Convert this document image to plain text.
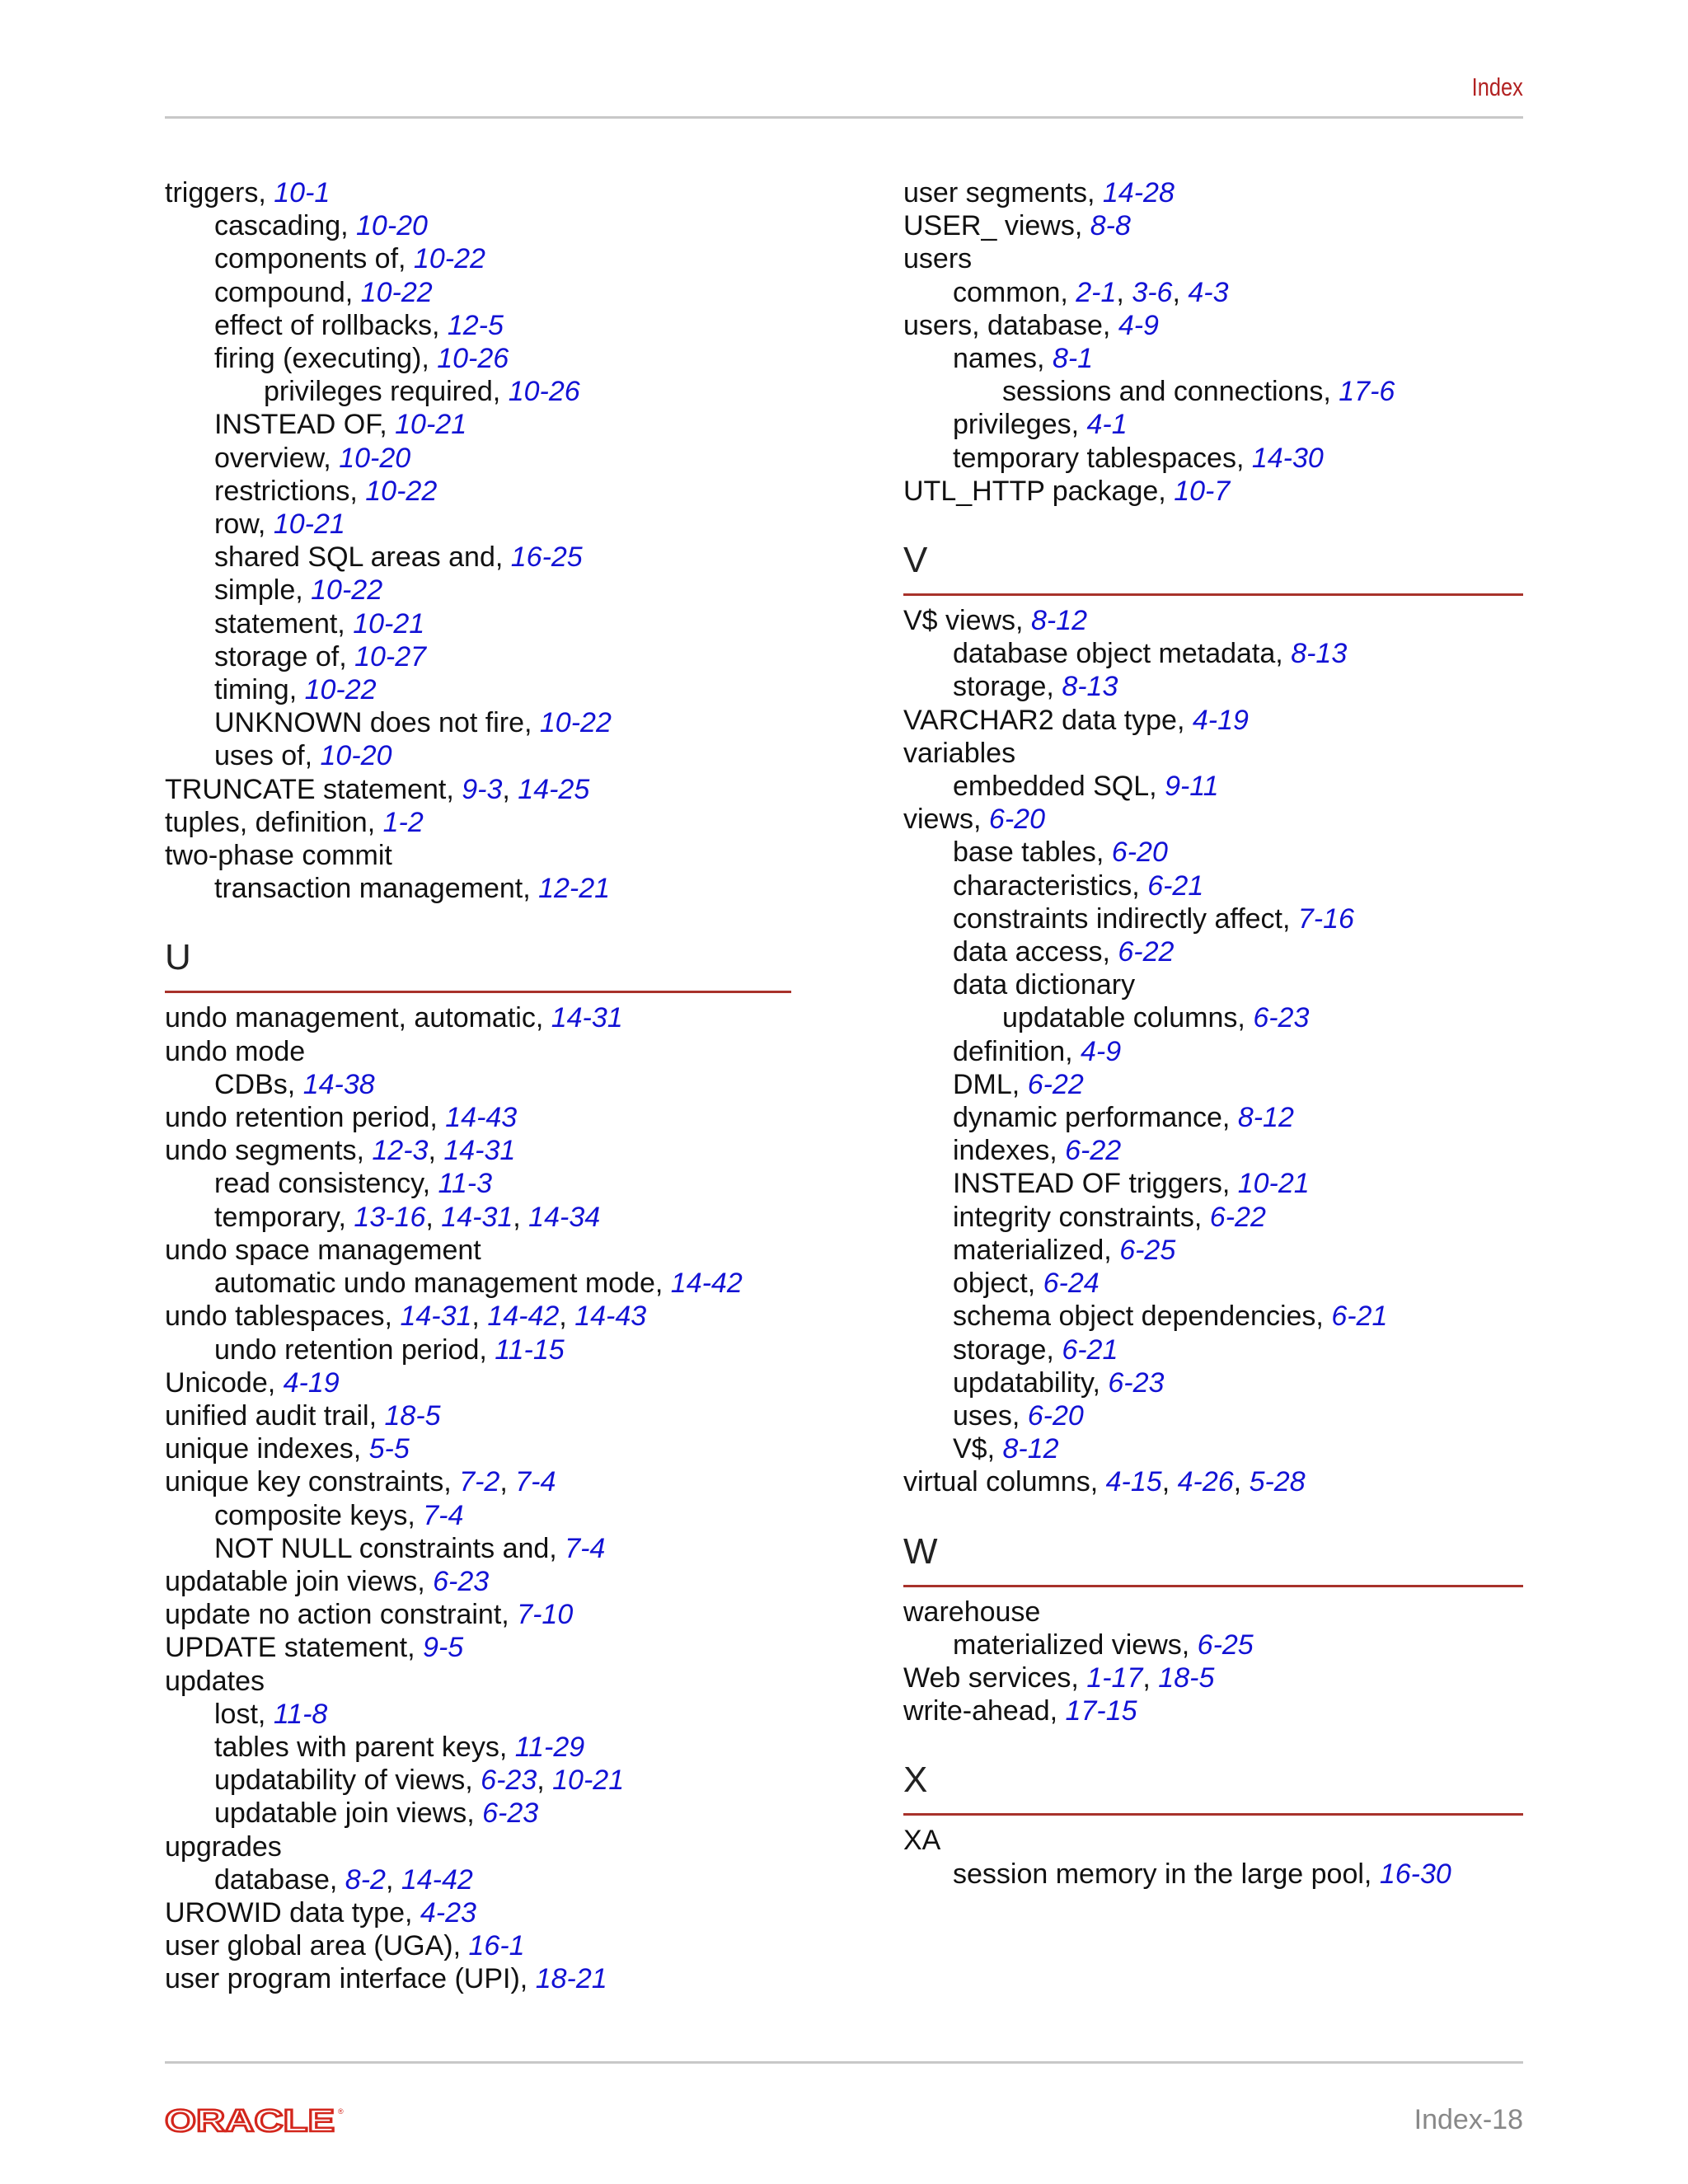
Index
triggers, 10-1
cascading, 10-20
components of, 10-22
compound, 10-22
effect of rollbacks, 12-5
firing (executing), 10-26
privileges required, 10-26
INSTEAD OF, 10-21
overview, 10-20
restrictions, 10-22
row, 10-21
shared SQL areas and, 16-25
simple, 10-22
statement, 10-21
storage of, 10-27
timing, 10-22
UNKNOWN does not fire, 10-22
uses of, 10-20
TRUNCATE statement, 9-3, 14-25
tuples, definition, 1-2
two-phase commit
transaction management, 12-21
U
undo management, automatic, 14-31
undo mode
CDBs, 14-38
undo retention period, 14-43
undo segments, 12-3, 14-31
read consistency, 11-3
temporary, 13-16, 14-31, 14-34
undo space management
automatic undo management mode, 14-42
undo tablespaces, 14-31, 14-42, 14-43
undo retention period, 11-15
Unicode, 4-19
unified audit trail, 18-5
unique indexes, 5-5
unique key constraints, 7-2, 7-4
composite keys, 7-4
NOT NULL constraints and, 7-4
updatable join views, 6-23
update no action constraint, 7-10
UPDATE statement, 9-5
updates
lost, 11-8
tables with parent keys, 11-29
updatability of views, 6-23, 10-21
updatable join views, 6-23
upgrades
database, 8-2, 14-42
UROWID data type, 4-23
user global area (UGA), 16-1
user program interface (UPI), 18-21
user segments, 14-28
USER_ views, 8-8
users
common, 2-1, 3-6, 4-3
users, database, 4-9
names, 8-1
sessions and connections, 17-6
privileges, 4-1
temporary tablespaces, 14-30
UTL_HTTP package, 10-7
V
V$ views, 8-12
database object metadata, 8-13
storage, 8-13
VARCHAR2 data type, 4-19
variables
embedded SQL, 9-11
views, 6-20
base tables, 6-20
characteristics, 6-21
constraints indirectly affect, 7-16
data access, 6-22
data dictionary
updatable columns, 6-23
definition, 4-9
DML, 6-22
dynamic performance, 8-12
indexes, 6-22
INSTEAD OF triggers, 10-21
integrity constraints, 6-22
materialized, 6-25
object, 6-24
schema object dependencies, 6-21
storage, 6-21
updatability, 6-23
uses, 6-20
V$, 8-12
virtual columns, 4-15, 4-26, 5-28
W
warehouse
materialized views, 6-25
Web services, 1-17, 18-5
write-ahead, 17-15
X
XA
session memory in the large pool, 16-30
ORACLE ®	Index-18
